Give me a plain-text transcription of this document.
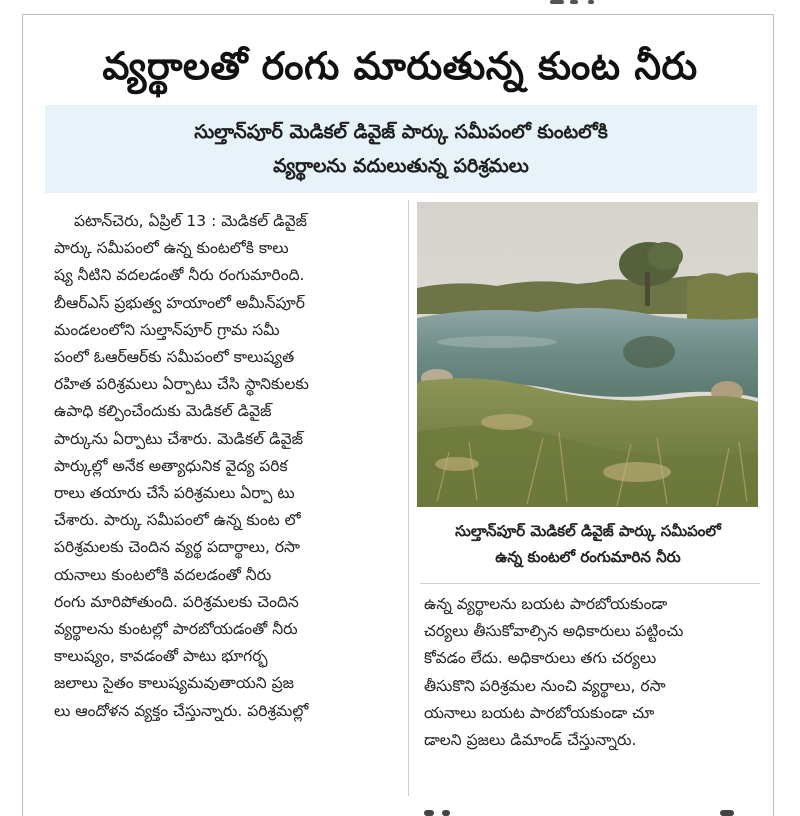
వ్యర్థాలతో రంగు మారుతున్న కుంట నీరు
సుల్తాన్‌పూర్ మెడికల్ డివైజ్ పార్కు సమీపంలో కుంటలోకి
వ్యర్థాలను వదులుతున్న పరిశ్రమలు
పటాన్‌చెరు, ఏప్రిల్ 13 : మెడికల్ డివైజ్
పార్కు సమీపంలో ఉన్న కుంటలోకి కాలు
ష్య నీటిని వదలడంతో నీరు రంగుమారింది.
బీఆర్ఎస్ ప్రభుత్వ హయాంలో అమీన్‌పూర్
మండలంలోని సుల్తాన్‌పూర్ గ్రామ సమీ
పంలో ఓఆర్ఆర్‌కు సమీపంలో కాలుష్యత
రహిత పరిశ్రమలు ఏర్పాటు చేసి స్థానికులకు
ఉపాధి కల్పించేందుకు మెడికల్ డివైజ్
పార్కును ఏర్పాటు చేశారు. మెడికల్ డివైజ్
పార్కుల్లో అనేక అత్యాధునిక వైద్య పరిక
రాలు తయారు చేసే పరిశ్రమలు ఏర్పా టు
చేశారు. పార్కు సమీపంలో ఉన్న కుంట లో
పరిశ్రమలకు చెందిన వ్యర్థ పదార్థాలు, రసా
యనాలు కుంటలోకి వదలడంతో నీరు
రంగు మారిపోతుంది. పరిశ్రమలకు చెందిన
వ్యర్థాలను కుంటల్లో పారబోయడంతో నీరు
కాలుష్యం, కావడంతో పాటు భూగర్భ
జలాలు సైతం కాలుష్యమవుతాయని ప్రజ
లు ఆందోళన వ్యక్తం చేస్తున్నారు. పరిశ్రమల్లో
సుల్తాన్‌పూర్ మెడికల్ డివైజ్ పార్కు సమీపంలో
ఉన్న కుంటలో రంగుమారిన నీరు
ఉన్న వ్యర్థాలను బయట పారబోయకుండా
చర్యలు తీసుకోవాల్సిన అధికారులు పట్టించు
కోవడం లేదు. అధికారులు తగు చర్యలు
తీసుకొని పరిశ్రమల నుంచి వ్యర్థాలు, రసా
యనాలు బయట పారబోయకుండా చూ
డాలని ప్రజలు డిమాండ్ చేస్తున్నారు.
